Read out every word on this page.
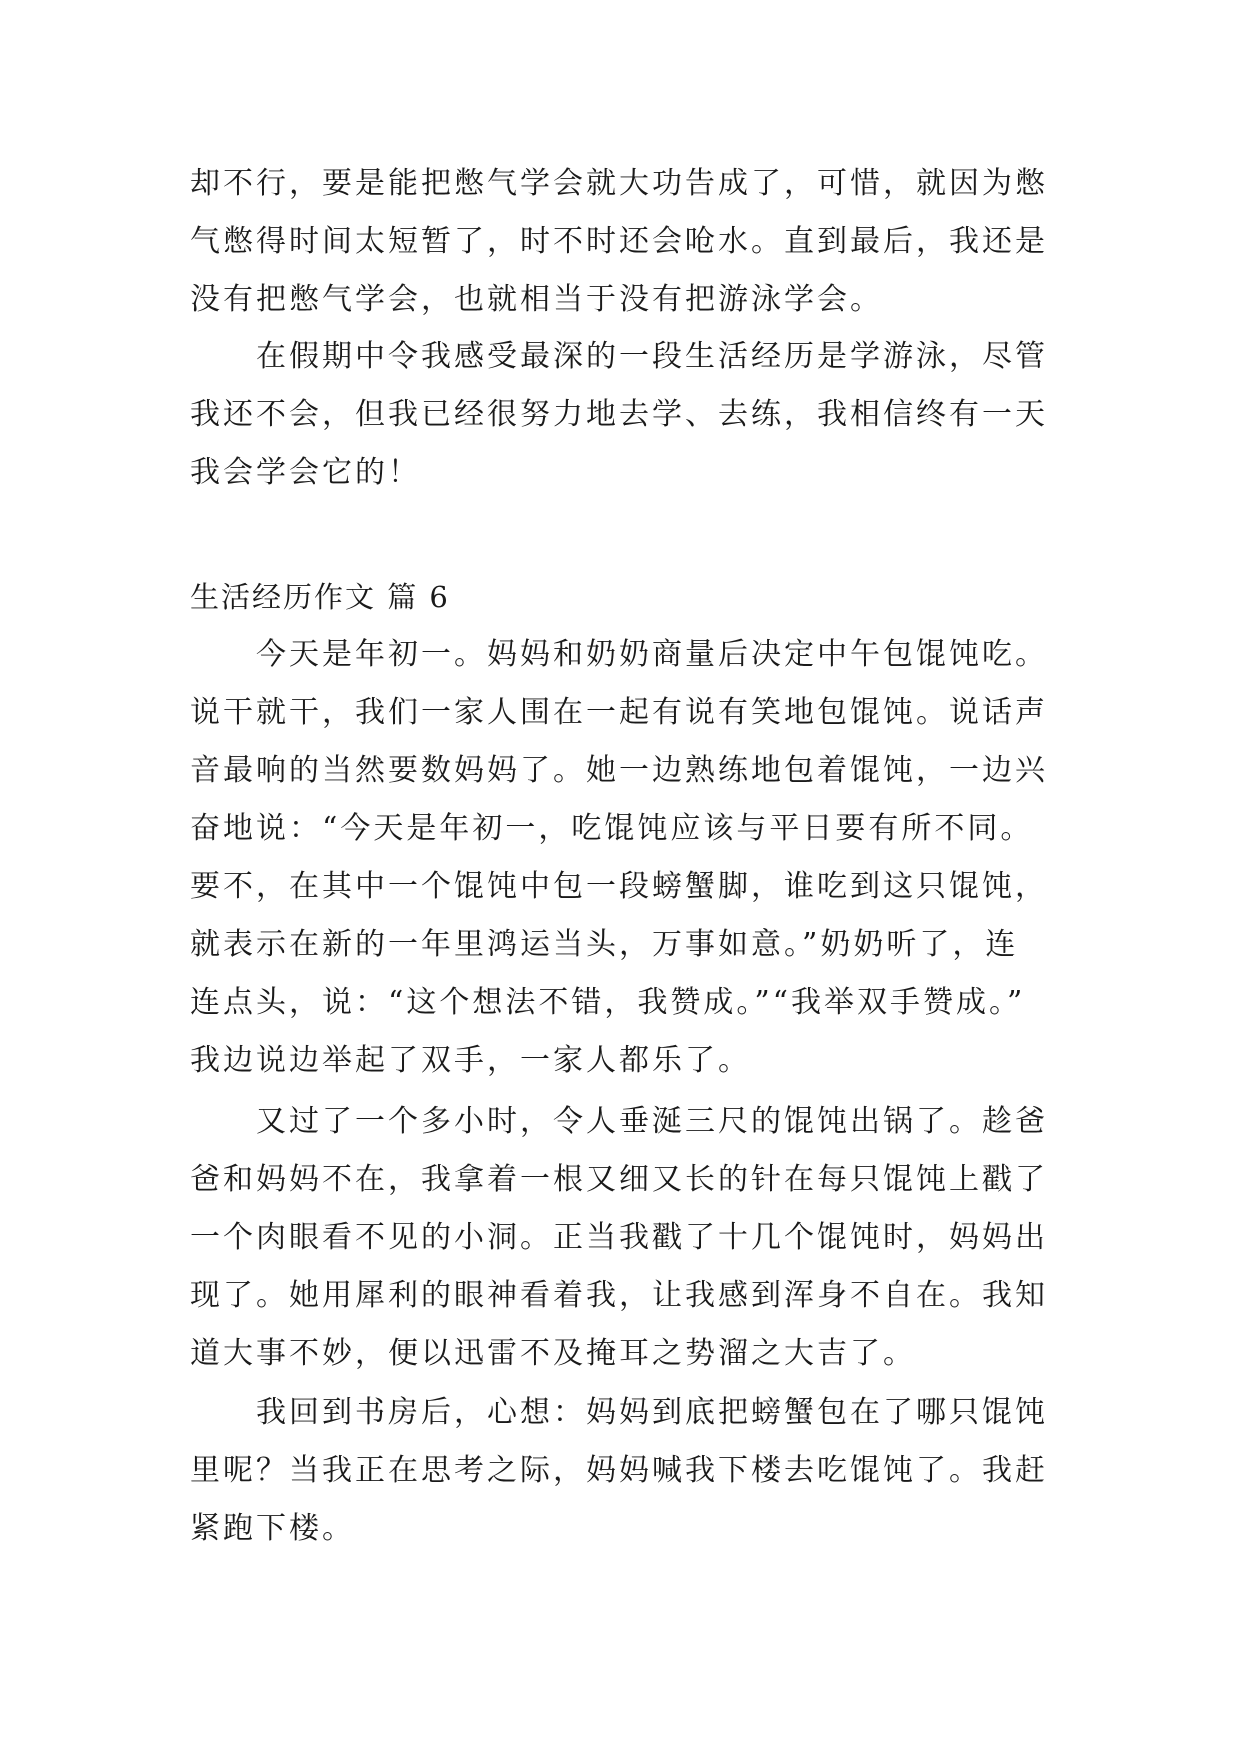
却不行，要是能把憋气学会就大功告成了，可惜，就因为憋
气憋得时间太短暂了，时不时还会呛水。直到最后，我还是
没有把憋气学会，也就相当于没有把游泳学会。
在假期中令我感受最深的一段生活经历是学游泳，尽管
我还不会，但我已经很努力地去学、去练，我相信终有一天
我会学会它的！
生活经历作文 篇 6
今天是年初一。妈妈和奶奶商量后决定中午包馄饨吃。
说干就干，我们一家人围在一起有说有笑地包馄饨。说话声
音最响的当然要数妈妈了。她一边熟练地包着馄饨，一边兴
奋地说：“今天是年初一，吃馄饨应该与平日要有所不同。
要不，在其中一个馄饨中包一段螃蟹脚，谁吃到这只馄饨，
就表示在新的一年里鸿运当头，万事如意。”奶奶听了，连
连点头，说：“这个想法不错，我赞成。”“我举双手赞成。”
我边说边举起了双手，一家人都乐了。
又过了一个多小时，令人垂涎三尺的馄饨出锅了。趁爸
爸和妈妈不在，我拿着一根又细又长的针在每只馄饨上戳了
一个肉眼看不见的小洞。正当我戳了十几个馄饨时，妈妈出
现了。她用犀利的眼神看着我，让我感到浑身不自在。我知
道大事不妙，便以迅雷不及掩耳之势溜之大吉了。
我回到书房后，心想：妈妈到底把螃蟹包在了哪只馄饨
里呢？当我正在思考之际，妈妈喊我下楼去吃馄饨了。我赶
紧跑下楼。
